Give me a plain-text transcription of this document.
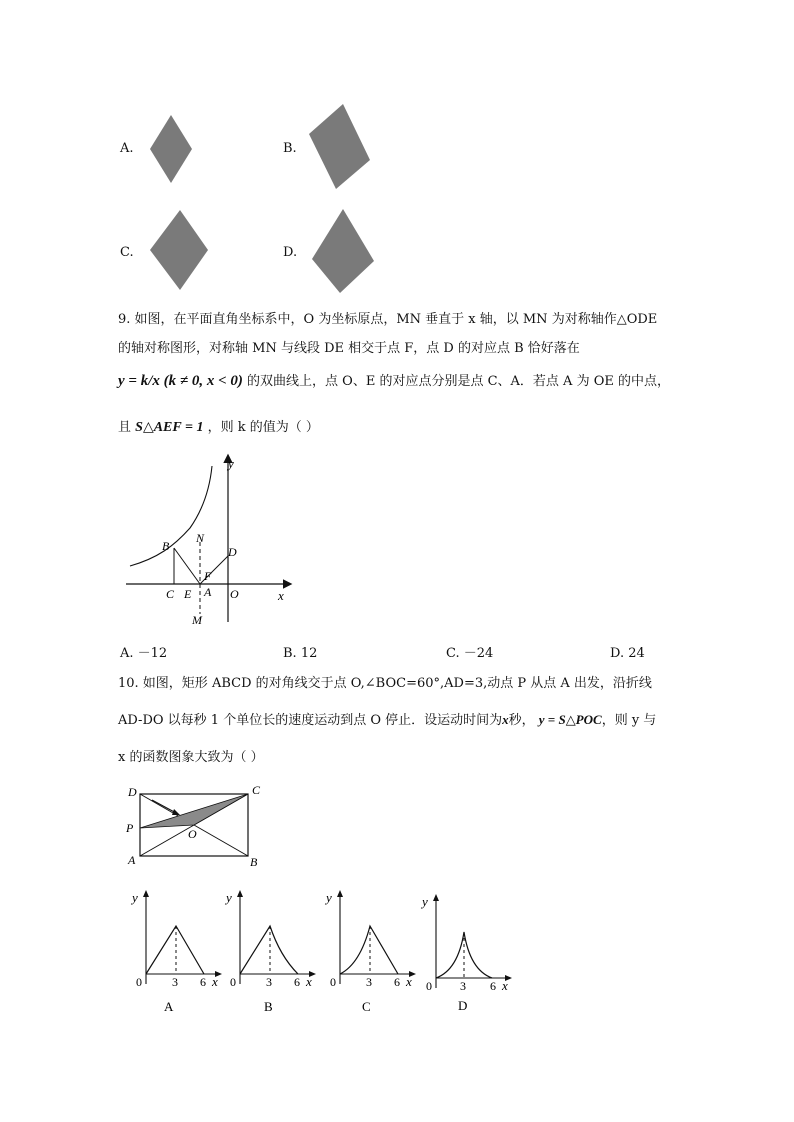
A.	B.
C.	D.
9. 如图，在平面直角坐标系中，O 为坐标原点，MN 垂直于 x 轴，以 MN 为对称轴作△ODE
的轴对称图形，对称轴 MN 与线段 DE 相交于点 F，点 D 的对应点 B 恰好落在
y = k/x (k ≠ 0, x < 0) 的双曲线上，点 O、E 的对应点分别是点 C、A．若点 A 为 OE 的中点，
且 S△AEF = 1 ，则 k 的值为（ ）
y
x
B
N
D
F
C E A O
M
A. －12	B. 12	C. －24	D. 24
10. 如图，矩形 ABCD 的对角线交于点 O,∠BOC=60°,AD=3,动点 P 从点 A 出发，沿折线
AD-DO 以每秒 1 个单位长的速度运动到点 O 停止．设运动时间为x秒， y = S△POC，则 y 与
x 的函数图象大致为（ ）
D	C
P	O
A	B
y
x
0	3 6
A
y
x
0	3 6
B
y
x
0	3 6
C
y
x
0 3 6
D
